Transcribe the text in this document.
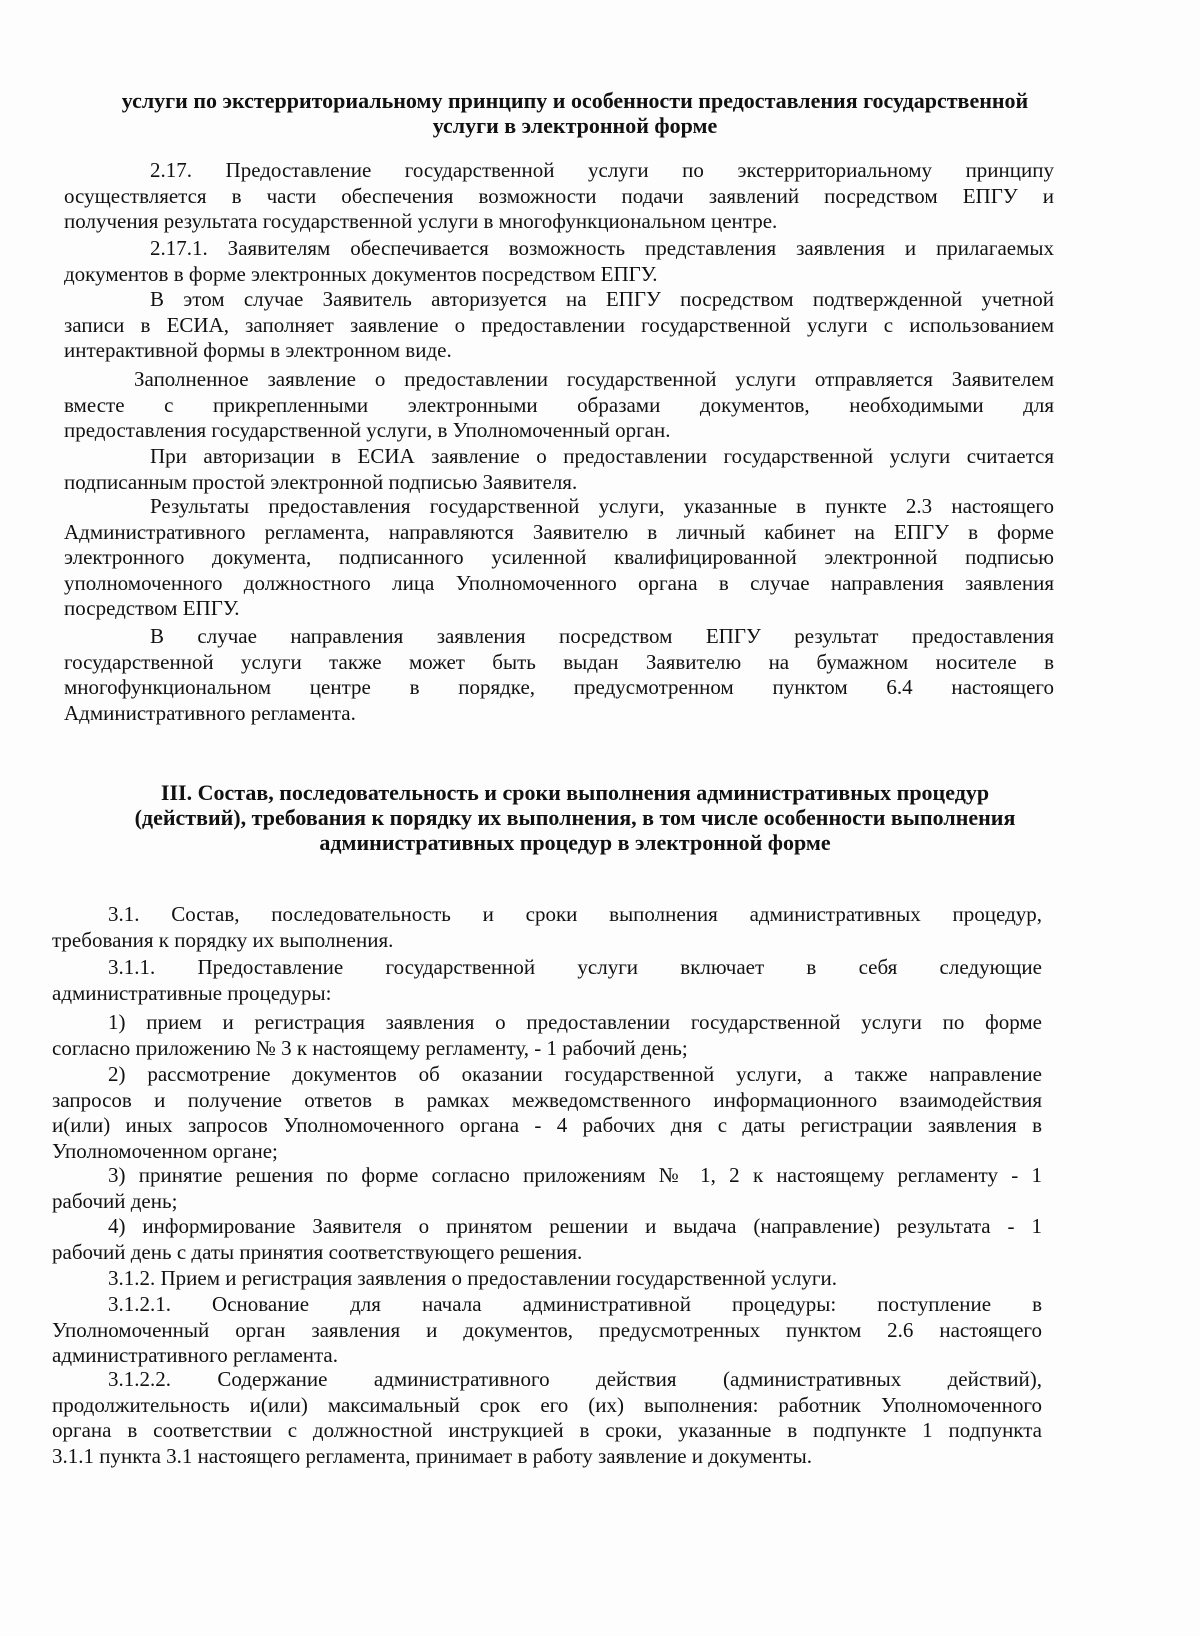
услуги по экстерриториальному принципу и особенности предоставления государственной
услуги в электронной форме
2.17. Предоставление государственной услуги по экстерриториальному принципу
осуществляется в части обеспечения возможности подачи заявлений посредством ЕПГУ и
получения результата государственной услуги в многофункциональном центре.
2.17.1. Заявителям обеспечивается возможность представления заявления и прилагаемых
документов в форме электронных документов посредством ЕПГУ.
В этом случае Заявитель авторизуется на ЕПГУ посредством подтвержденной учетной
записи в ЕСИА, заполняет заявление о предоставлении государственной услуги с использованием
интерактивной формы в электронном виде.
Заполненное заявление о предоставлении государственной услуги отправляется Заявителем
вместе с прикрепленными электронными образами документов, необходимыми для
предоставления государственной услуги, в Уполномоченный орган.
При авторизации в ЕСИА заявление о предоставлении государственной услуги считается
подписанным простой электронной подписью Заявителя.
Результаты предоставления государственной услуги, указанные в пункте 2.3 настоящего
Административного регламента, направляются Заявителю в личный кабинет на ЕПГУ в форме
электронного документа, подписанного усиленной квалифицированной электронной подписью
уполномоченного должностного лица Уполномоченного органа в случае направления заявления
посредством ЕПГУ.
В случае направления заявления посредством ЕПГУ результат предоставления
государственной услуги также может быть выдан Заявителю на бумажном носителе в
многофункциональном центре в порядке, предусмотренном пунктом 6.4 настоящего
Административного регламента.
III. Состав, последовательность и сроки выполнения административных процедур
(действий), требования к порядку их выполнения, в том числе особенности выполнения
административных процедур в электронной форме
3.1. Состав, последовательность и сроки выполнения административных процедур,
требования к порядку их выполнения.
3.1.1. Предоставление государственной услуги включает в себя следующие
административные процедуры:
1) прием и регистрация заявления о предоставлении государственной услуги по форме
согласно приложению № 3 к настоящему регламенту, - 1 рабочий день;
2) рассмотрение документов об оказании государственной услуги, а также направление
запросов и получение ответов в рамках межведомственного информационного взаимодействия
и(или) иных запросов Уполномоченного органа - 4 рабочих дня с даты регистрации заявления в
Уполномоченном органе;
3) принятие решения по форме согласно приложениям № 1, 2 к настоящему регламенту - 1
рабочий день;
4) информирование Заявителя о принятом решении и выдача (направление) результата - 1
рабочий день с даты принятия соответствующего решения.
3.1.2. Прием и регистрация заявления о предоставлении государственной услуги.
3.1.2.1. Основание для начала административной процедуры: поступление в
Уполномоченный орган заявления и документов, предусмотренных пунктом 2.6 настоящего
административного регламента.
3.1.2.2. Содержание административного действия (административных действий),
продолжительность и(или) максимальный срок его (их) выполнения: работник Уполномоченного
органа в соответствии с должностной инструкцией в сроки, указанные в подпункте 1 подпункта
3.1.1 пункта 3.1 настоящего регламента, принимает в работу заявление и документы.
